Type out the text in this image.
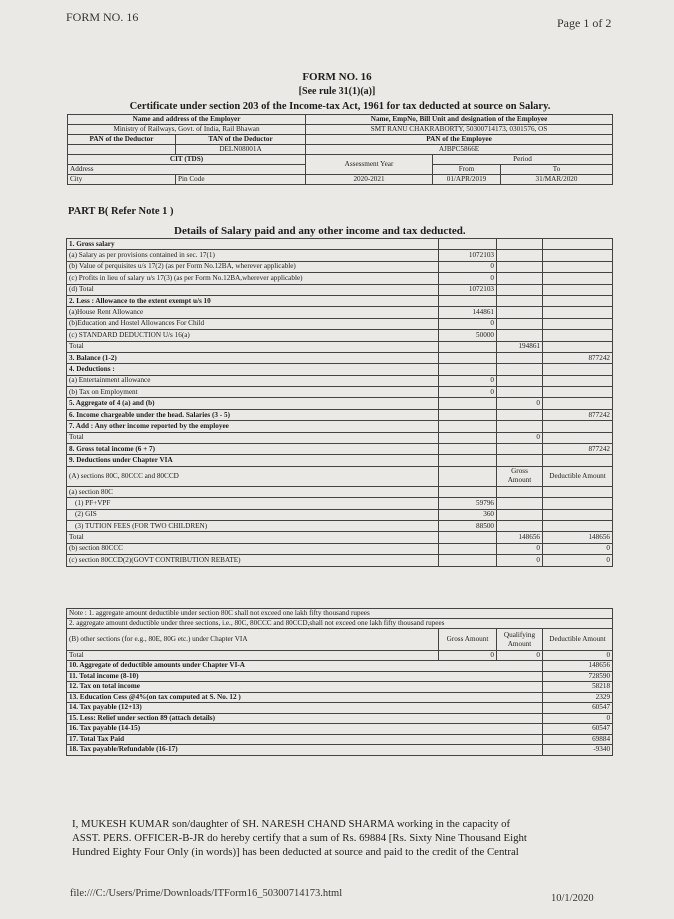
FORM NO. 16	Page 1 of 2
FORM NO. 16
[See rule 31(1)(a)]
Certificate under section 203 of the Income-tax Act, 1961 for tax deducted at source on Salary.
Name and address of the Employer		Name, EmpNo, Bill Unit and designation of the Employee		
Ministry of Railways, Govt. of India, Rail Bhawan		SMT RANU CHAKRABORTY, 50300714173, 0301576, OS		
PAN of the Deductor	TAN of the Deductor	PAN of the Employee		
	DELN08001A	AJBPC5866E		
CIT (TDS)		Assessment Year	Period	
Address			From	To
City	Pin Code	2020-2021	01/APR/2019	31/MAR/2020
PART B( Refer Note 1 )
Details of Salary paid and any other income and tax deducted.
1. Gross salary			
(a) Salary as per provisions contained in sec. 17(1)	1072103		
(b) Value of perquisites u/s 17(2) (as per Form No.12BA, wherever applicable)	0		
(c) Profits in lieu of salary u/s 17(3) (as per Form No.12BA,wherever applicable)	0		
(d) Total	1072103		
2. Less : Allowance to the extent exempt u/s 10			
(a)House Rent Allowance	144861		
(b)Education and Hostel Allowances For Child	0		
(c) STANDARD DEDUCTION U/s 16(a)	50000		
Total		194861	
3. Balance (1-2)			877242
4. Deductions :			
(a) Entertainment allowance	0		
(b) Tax on Employment	0		
5. Aggregate of 4 (a) and (b)		0	
6. Income chargeable under the head. Salaries (3 - 5)			877242
7. Add : Any other income reported by the employee			
Total		0	
8. Gross total income (6 + 7)			877242
9. Deductions under Chapter VIA			
(A) sections 80C, 80CCC and 80CCD		Gross Amount	Deductible Amount
(a) section 80C			
(1) PF+VPF	59796		
(2) GIS	360		
(3) TUTION FEES (FOR TWO CHILDREN)	88500		
Total		148656	148656
(b) section 80CCC		0	0
(c) section 80CCD(2)(GOVT CONTRIBUTION REBATE)		0	0
Note : 1. aggregate amount deductible under section 80C shall not exceed one lakh fifty thousand rupees			
2. aggregate amount deductible under three sections, i.e., 80C, 80CCC and 80CCD,shall not exceed one lakh fifty thousand rupees			
(B) other sections (for e.g., 80E, 80G etc.) under Chapter VIA	Gross Amount	Qualifying Amount	Deductible Amount
Total	0	0	0
10. Aggregate of deductible amounts under Chapter VI-A			148656
11. Total income (8-10)			728590
12. Tax on total income			58218
13. Education Cess @4%(on tax computed at S. No. 12 )			2329
14. Tax payable (12+13)			60547
15. Less: Relief under section 89 (attach details)			0
16. Tax payable (14-15)			60547
17. Total Tax Paid			69884
18. Tax payable/Refundable (16-17)			-9340
I, MUKESH KUMAR son/daughter of SH. NARESH CHAND SHARMA working in the capacity of
ASST. PERS. OFFICER-B-JR do hereby certify that a sum of Rs. 69884 [Rs. Sixty Nine Thousand Eight
Hundred Eighty Four Only (in words)] has been deducted at source and paid to the credit of the Central
file:///C:/Users/Prime/Downloads/ITForm16_50300714173.html	10/1/2020
